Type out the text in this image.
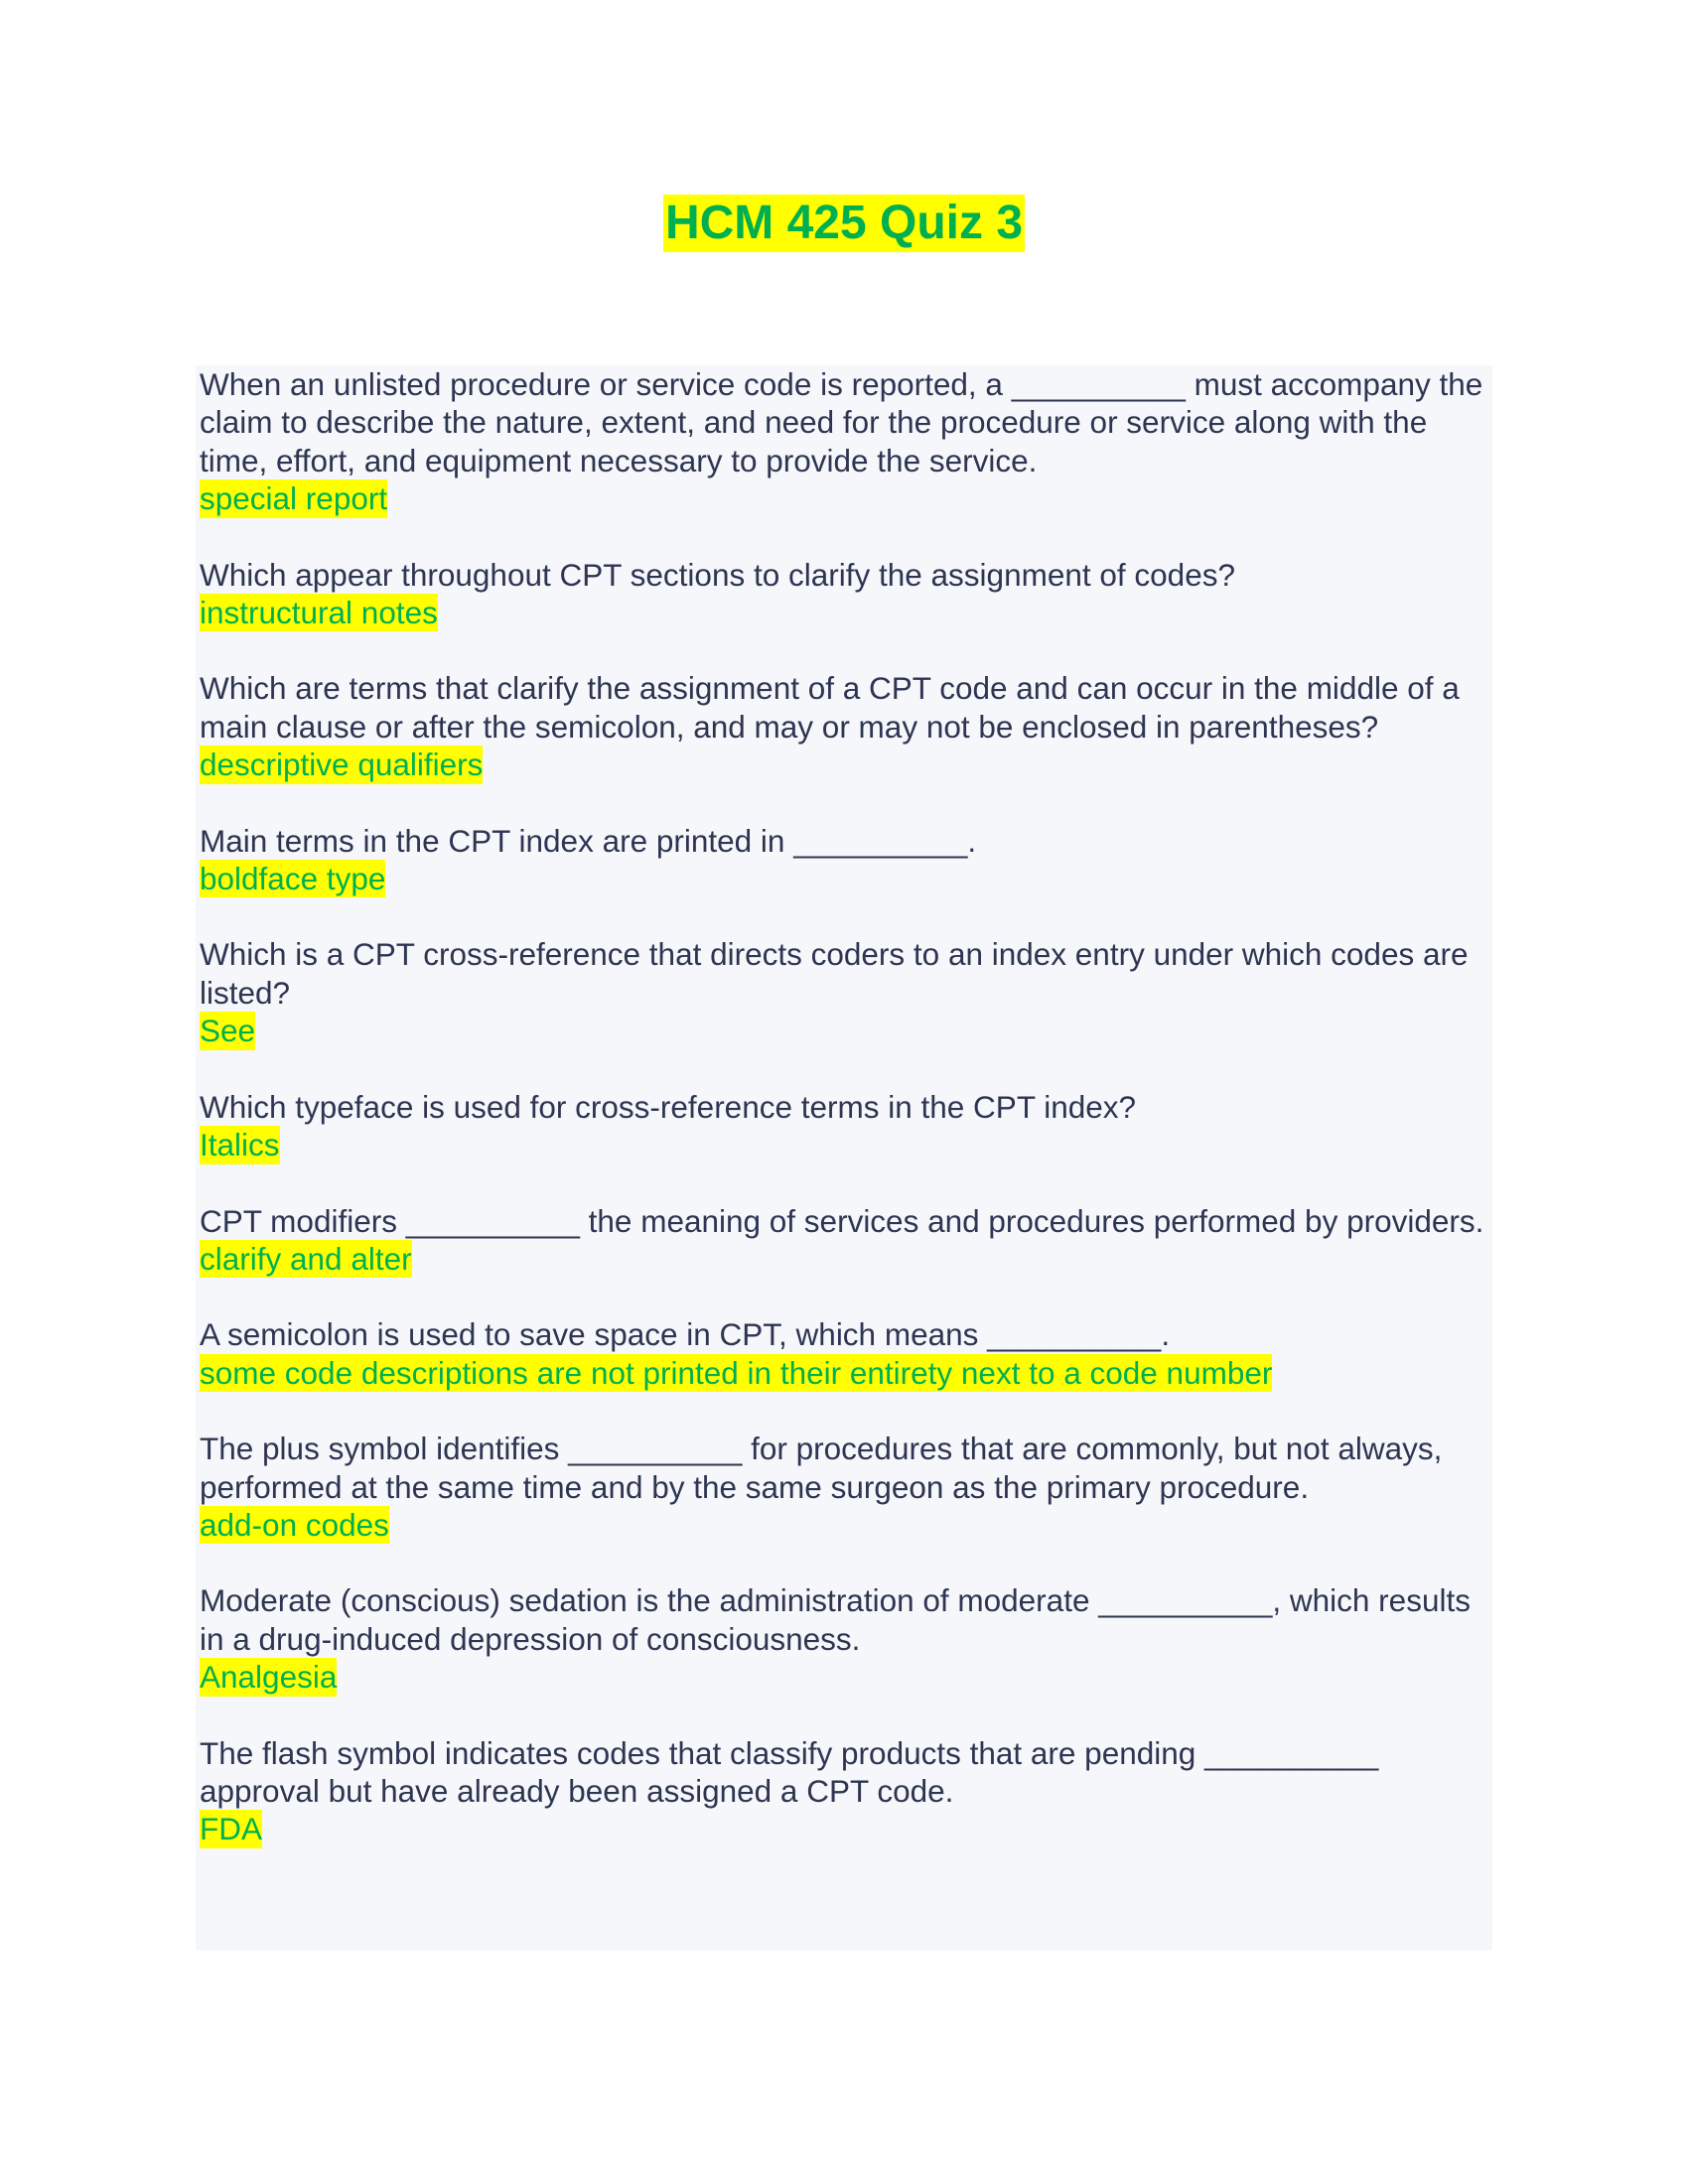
HCM 425 Quiz 3

When an unlisted procedure or service code is reported, a __________ must accompany the claim to describe the nature, extent, and need for the procedure or service along with the time, effort, and equipment necessary to provide the service.

special report

Which appear throughout CPT sections to clarify the assignment of codes?

instructural notes

Which are terms that clarify the assignment of a CPT code and can occur in the middle of a main clause or after the semicolon, and may or may not be enclosed in parentheses?

descriptive qualifiers

Main terms in the CPT index are printed in __________.

boldface type

Which is a CPT cross-reference that directs coders to an index entry under which codes are listed?

See

Which typeface is used for cross-reference terms in the CPT index?

Italics

CPT modifiers __________ the meaning of services and procedures performed by providers.

clarify and alter

A semicolon is used to save space in CPT, which means __________.

some code descriptions are not printed in their entirety next to a code number

The plus symbol identifies __________ for procedures that are commonly, but not always, performed at the same time and by the same surgeon as the primary procedure.

add-on codes

Moderate (conscious) sedation is the administration of moderate __________, which results in a drug-induced depression of consciousness.

Analgesia

The flash symbol indicates codes that classify products that are pending __________ approval but have already been assigned a CPT code.

FDA
